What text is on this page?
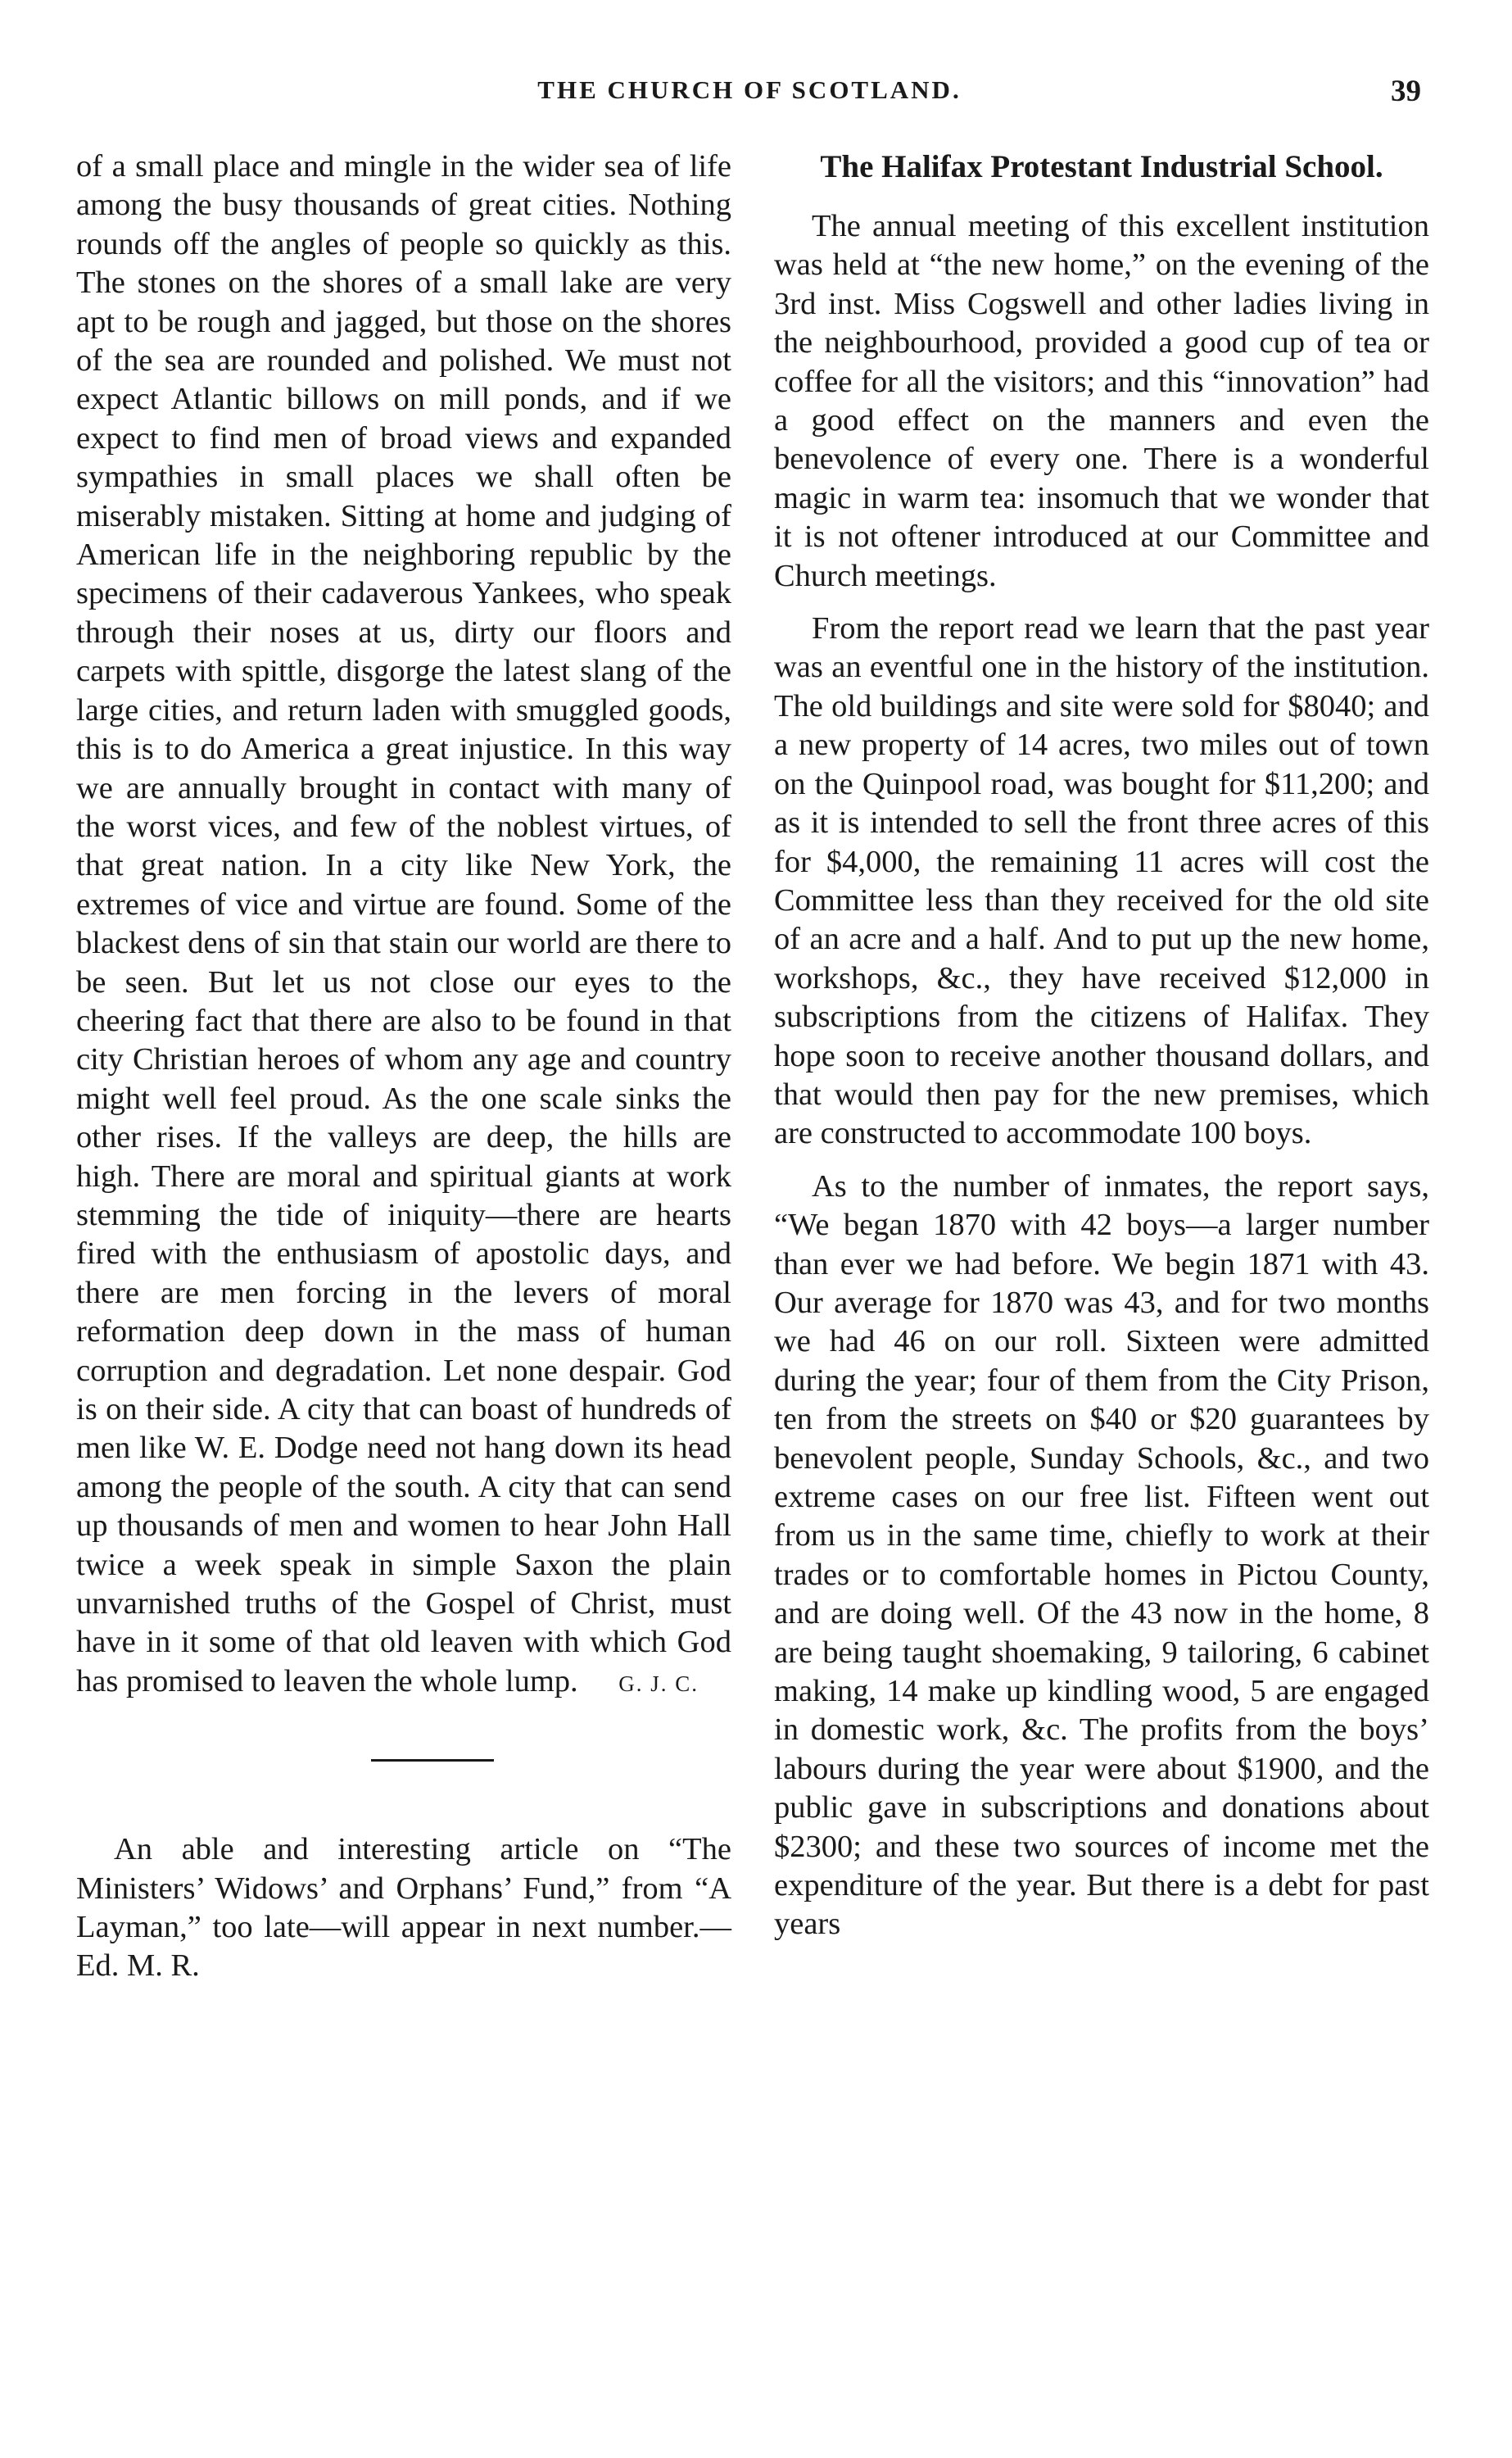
THE CHURCH OF SCOTLAND.	39

of a small place and mingle in the wider sea of life among the busy thousands of great cities. Nothing rounds off the angles of people so quickly as this. The stones on the shores of a small lake are very apt to be rough and jagged, but those on the shores of the sea are rounded and polished. We must not expect Atlantic billows on mill ponds, and if we expect to find men of broad views and expanded sympathies in small places we shall often be miserably mistaken. Sitting at home and judging of American life in the neighboring republic by the specimens of their cadaverous Yankees, who speak through their noses at us, dirty our floors and carpets with spittle, disgorge the latest slang of the large cities, and return laden with smuggled goods, this is to do America a great injustice. In this way we are annually brought in contact with many of the worst vices, and few of the noblest virtues, of that great nation. In a city like New York, the extremes of vice and virtue are found. Some of the blackest dens of sin that stain our world are there to be seen. But let us not close our eyes to the cheering fact that there are also to be found in that city Christian heroes of whom any age and country might well feel proud. As the one scale sinks the other rises. If the valleys are deep, the hills are high. There are moral and spiritual giants at work stemming the tide of iniquity—there are hearts fired with the enthusiasm of apostolic days, and there are men forcing in the levers of moral reformation deep down in the mass of human corruption and degradation. Let none despair. God is on their side. A city that can boast of hundreds of men like W. E. Dodge need not hang down its head among the people of the south. A city that can send up thousands of men and women to hear John Hall twice a week speak in simple Saxon the plain unvarnished truths of the Gospel of Christ, must have in it some of that old leaven with which God has promised to leaven the whole lump. G. J. C.

An able and interesting article on “The Ministers’ Widows’ and Orphans’ Fund,” from “A Layman,” too late—will appear in next number.—Ed. M. R.

The Halifax Protestant Industrial School.

The annual meeting of this excellent institution was held at “the new home,” on the evening of the 3rd inst. Miss Cogswell and other ladies living in the neighbourhood, provided a good cup of tea or coffee for all the visitors; and this “innovation” had a good effect on the manners and even the benevolence of every one. There is a wonderful magic in warm tea: insomuch that we wonder that it is not oftener introduced at our Committee and Church meetings.

From the report read we learn that the past year was an eventful one in the history of the institution. The old buildings and site were sold for $8040; and a new property of 14 acres, two miles out of town on the Quinpool road, was bought for $11,200; and as it is intended to sell the front three acres of this for $4,000, the remaining 11 acres will cost the Committee less than they received for the old site of an acre and a half. And to put up the new home, workshops, &c., they have received $12,000 in subscriptions from the citizens of Halifax. They hope soon to receive another thousand dollars, and that would then pay for the new premises, which are constructed to accommodate 100 boys.

As to the number of inmates, the report says, “We began 1870 with 42 boys—a larger number than ever we had before. We begin 1871 with 43. Our average for 1870 was 43, and for two months we had 46 on our roll. Sixteen were admitted during the year; four of them from the City Prison, ten from the streets on $40 or $20 guarantees by benevolent people, Sunday Schools, &c., and two extreme cases on our free list. Fifteen went out from us in the same time, chiefly to work at their trades or to comfortable homes in Pictou County, and are doing well. Of the 43 now in the home, 8 are being taught shoemaking, 9 tailoring, 6 cabinet making, 14 make up kindling wood, 5 are engaged in domestic work, &c. The profits from the boys’ labours during the year were about $1900, and the public gave in subscriptions and donations about $2300; and these two sources of income met the expenditure of the year. But there is a debt for past years
